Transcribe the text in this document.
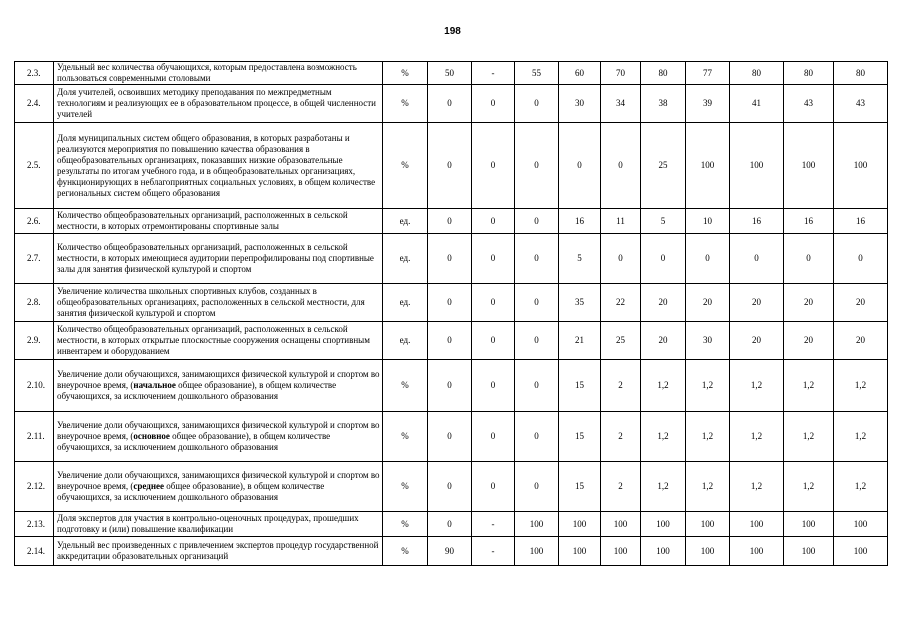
198
2.3.	Удельный вес количества обучающихся, которым предоставлена возможность пользоваться современными столовыми	%	50	-	55	60	70	80	77	80	80	80
2.4.	Доля учителей, освоивших методику преподавания по межпредметным технологиям и реализующих ее в образовательном процессе, в общей численности учителей	%	0	0	0	30	34	38	39	41	43	43
2.5.	Доля муниципальных систем общего образования, в которых разработаны и реализуются мероприятия по повышению качества образования в общеобразовательных организациях, показавших низкие образовательные результаты по итогам учебного года, и в общеобразовательных организациях, функционирующих в неблагоприятных социальных условиях, в общем количестве региональных систем общего образования	%	0	0	0	0	0	25	100	100	100	100
2.6.	Количество общеобразовательных организаций, расположенных в сельской местности, в которых отремонтированы спортивные залы	ед.	0	0	0	16	11	5	10	16	16	16
2.7.	Количество общеобразовательных организаций, расположенных в сельской местности, в которых имеющиеся аудитории перепрофилированы под спортивные залы для занятия физической культурой и спортом	ед.	0	0	0	5	0	0	0	0	0	0
2.8.	Увеличение количества школьных спортивных клубов, созданных в общеобразовательных организациях, расположенных в сельской местности, для занятия физической культурой и спортом	ед.	0	0	0	35	22	20	20	20	20	20
2.9.	Количество общеобразовательных организаций, расположенных в сельской местности, в которых открытые плоскостные сооружения оснащены спортивным инвентарем и оборудованием	ед.	0	0	0	21	25	20	30	20	20	20
2.10.	Увеличение доли обучающихся, занимающихся физической культурой и спортом во внеурочное время, (начальное общее образование), в общем количестве обучающихся, за исключением дошкольного образования	%	0	0	0	15	2	1,2	1,2	1,2	1,2	1,2
2.11.	Увеличение доли обучающихся, занимающихся физической культурой и спортом во внеурочное время, (основное общее образование), в общем количестве обучающихся, за исключением дошкольного образования	%	0	0	0	15	2	1,2	1,2	1,2	1,2	1,2
2.12.	Увеличение доли обучающихся, занимающихся физической культурой и спортом во внеурочное время, (среднее общее образование), в общем количестве обучающихся, за исключением дошкольного образования	%	0	0	0	15	2	1,2	1,2	1,2	1,2	1,2
2.13.	Доля экспертов для участия в контрольно-оценочных процедурах, прошедших подготовку и (или) повышение квалификации	%	0	-	100	100	100	100	100	100	100	100
2.14.	Удельный вес произведенных с привлечением экспертов процедур государственной аккредитации образовательных организаций	%	90	-	100	100	100	100	100	100	100	100
